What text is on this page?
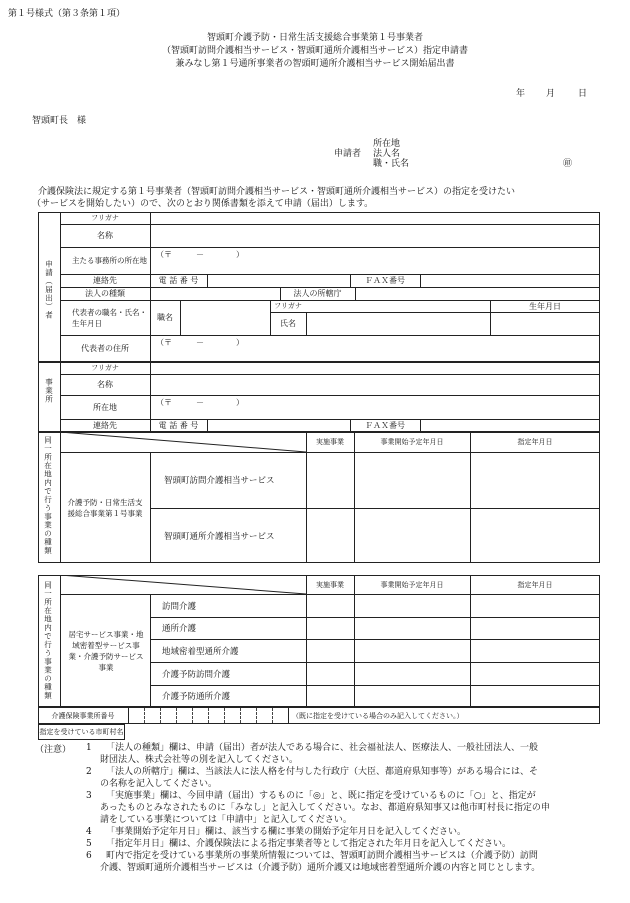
第１号様式（第３条第１項）
智頭町介護予防・日常生活支援総合事業第１号事業者
（智頭町訪問介護相当サービス・智頭町通所介護相当サービス）指定申請書
兼みなし第１号通所事業者の智頭町通所介護相当サービス開始届出書
年 月	日
智頭町長　様
所在地
申請者 法人名
職・氏名	㊞
介護保険法に規定する第１号事業者（智頭町訪問介護相当サービス・智頭町通所介護相当サービス）の指定を受けたい
（サービスを開始したい）ので、次のとおり関係書類を添えて申請（届出）します。
申請（届出）者
フリガナ
名称
主たる事務所の所在地
（〒　　　－　　　　）
連絡先	電 話 番 号	ＦＡＸ番号
法人の種類	法人の所轄庁
代表者の職名・氏名・生年月日
職名
フリガナ
氏名
生年月日
代表者の住所
（〒　　　－　　　　）
事業所
フリガナ
名称
所在地
（〒　　　－　　　　）
連絡先	電 話 番 号	ＦＡＸ番号
同一所在地内で行う事業の種類	実施事業	事業開始予定年月日	指定年月日
介護予防・日常生活支援総合事業第１号事業
智頭町訪問介護相当サービス
智頭町通所介護相当サービス
同一所在地内で行う事業の種類	実施事業	事業開始予定年月日	指定年月日
居宅サービス事業・地域密着型サービス事業・介護予防サービス事業
訪問介護
通所介護
地域密着型通所介護
介護予防訪問介護
介護予防通所介護
介護保険事業所番号	（既に指定を受けている場合のみ記入してください。）
指定を受けている市町村名
（注意） 1 「法人の種類」欄は、申請（届出）者が法人である場合に、社会福祉法人、医療法人、一般社団法人、一般
財団法人、株式会社等の別を記入してください。
2 「法人の所轄庁」欄は、当該法人に法人格を付与した行政庁（大臣、都道府県知事等）がある場合には、そ
の名称を記入してください。
3 「実施事業」欄は、今回申請（届出）するものに「◎」と、既に指定を受けているものに「○」と、指定が
あったものとみなされたものに「みなし」と記入してください。なお、都道府県知事又は他市町村長に指定の申
請をしている事業については「申請中」と記入してください。
4 「事業開始予定年月日」欄は、該当する欄に事業の開始予定年月日を記入してください。
5 「指定年月日」欄は、介護保険法による指定事業者等として指定された年月日を記入してください。
6 町内で指定を受けている事業所の事業所情報については、智頭町訪問介護相当サービスは（介護予防）訪問
介護、智頭町通所介護相当サービスは（介護予防）通所介護又は地域密着型通所介護の内容と同じとします。
